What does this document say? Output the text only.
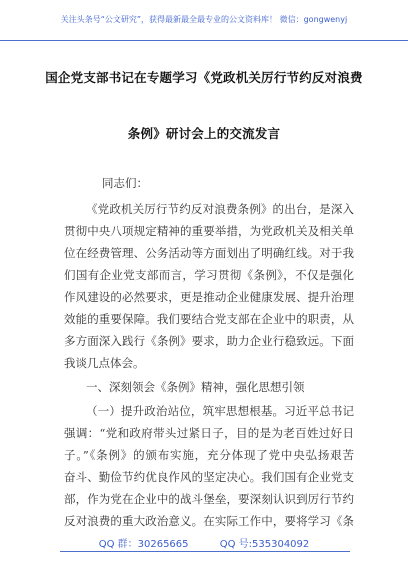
关注头条号“公文研究”，获得最新最全最专业的公文资料库！ 微信：gongwenyj
国企党支部书记在专题学习《党政机关厉行节约反对浪费
条例》研讨会上的交流发言
同志们：
《党政机关厉行节约反对浪费条例》的出台，是深入
贯彻中央八项规定精神的重要举措，为党政机关及相关单
位在经费管理、公务活动等方面划出了明确红线。对于我
们国有企业党支部而言，学习贯彻《条例》，不仅是强化
作风建设的必然要求，更是推动企业健康发展、提升治理
效能的重要保障。我们要结合党支部在企业中的职责，从
多方面深入践行《条例》要求，助力企业行稳致远。下面
我谈几点体会。
一、深刻领会《条例》精神，强化思想引领
（一）提升政治站位，筑牢思想根基。习近平总书记
强调：“党和政府带头过紧日子，目的是为老百姓过好日
子。”《条例》的颁布实施，充分体现了党中央弘扬艰苦
奋斗、勤俭节约优良作风的坚定决心。我们国有企业党支
部，作为党在企业中的战斗堡垒，要深刻认识到厉行节约
反对浪费的重大政治意义。在实际工作中，要将学习《条
QQ 群：30265665	QQ 号:535304092
